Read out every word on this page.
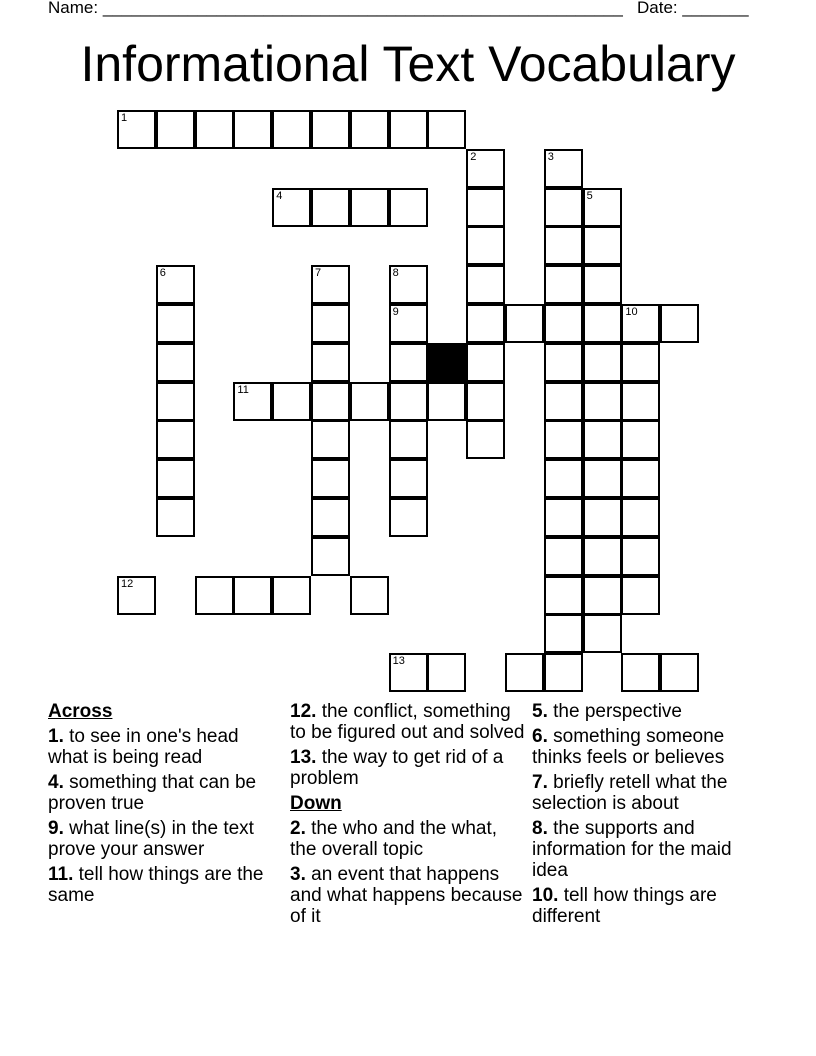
Name: _______________________________________________________ Date: _______
Informational Text Vocabulary
1
2	3
4	5
6	7	8
9	10
11
12
13

Across

1. to see in one's head what is being read

4. something that can be proven true

9. what line(s) in the text prove your answer

11. tell how things are the same

12. the conflict, something to be figured out and solved

13. the way to get rid of a problem

Down

2. the who and the what, the overall topic

3. an event that happens and what happens because of it

5. the perspective

6. something someone thinks feels or believes

7. briefly retell what the selection is about

8. the supports and information for the maid idea

10. tell how things are different
